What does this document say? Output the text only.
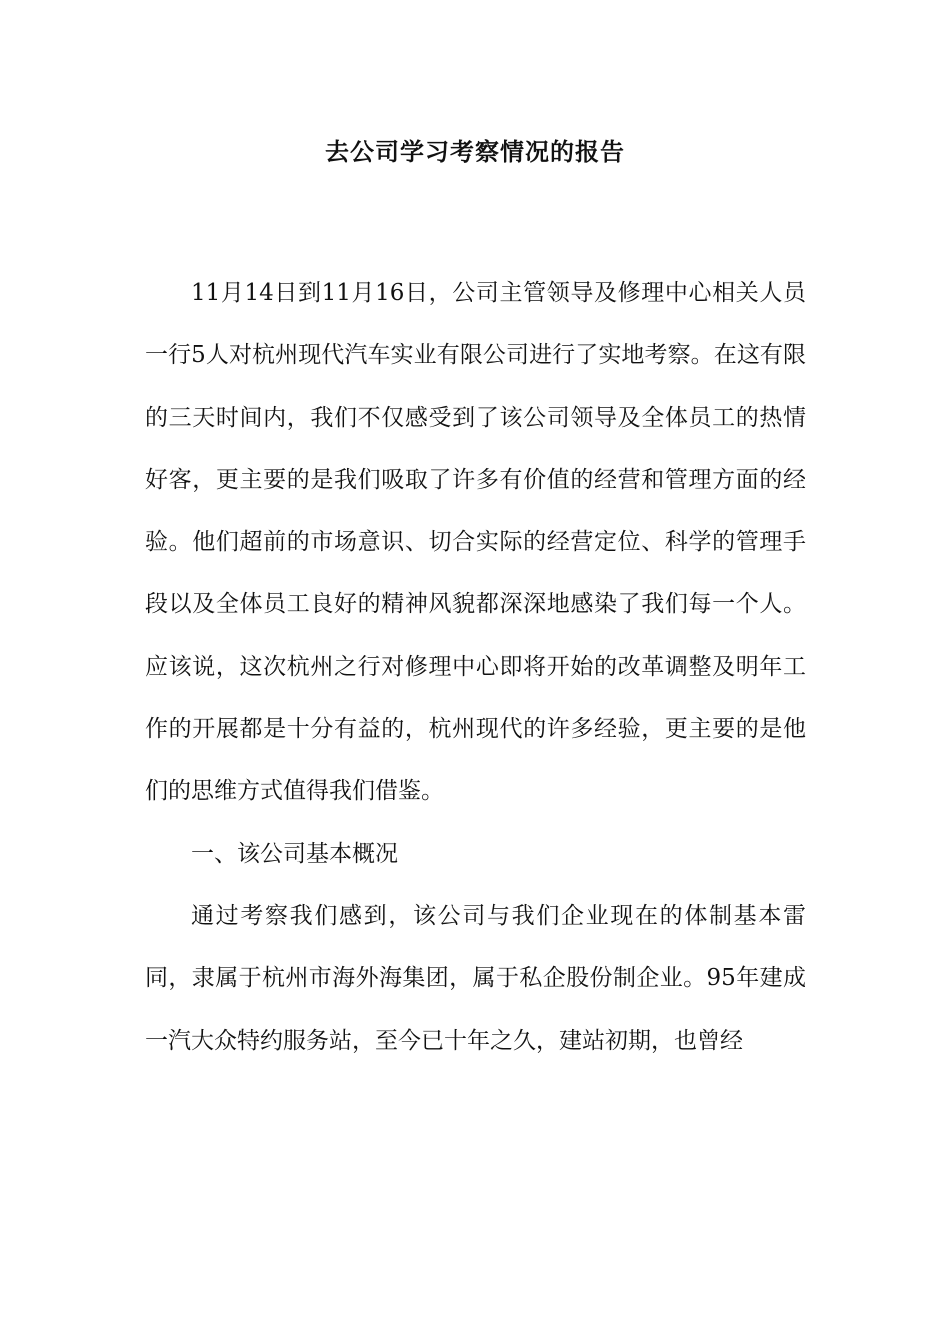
去公司学习考察情况的报告

11月14日到11月16日，公司主管领导及修理中心相关人员一行5人对杭州现代汽车实业有限公司进行了实地考察。在这有限的三天时间内，我们不仅感受到了该公司领导及全体员工的热情好客，更主要的是我们吸取了许多有价值的经营和管理方面的经验。他们超前的市场意识、切合实际的经营定位、科学的管理手段以及全体员工良好的精神风貌都深深地感染了我们每一个人。应该说，这次杭州之行对修理中心即将开始的改革调整及明年工作的开展都是十分有益的，杭州现代的许多经验，更主要的是他们的思维方式值得我们借鉴。

一、该公司基本概况

通过考察我们感到，该公司与我们企业现在的体制基本雷同，隶属于杭州市海外海集团，属于私企股份制企业。95年建成一汽大众特约服务站，至今已十年之久，建站初期，也曾经
